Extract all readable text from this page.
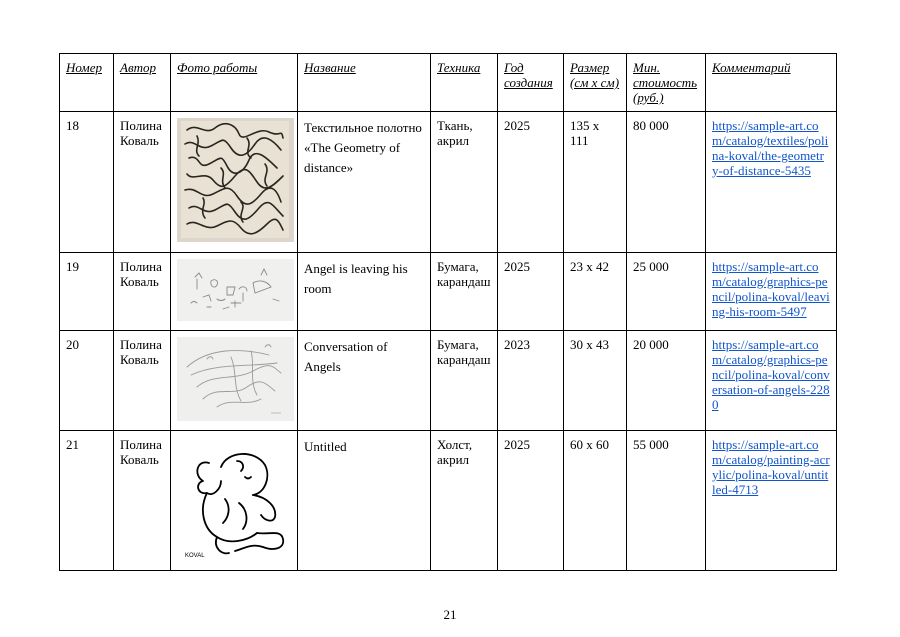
Номер	Автор	Фото работы	Название	Техника	Год создания	Размер (см х см)	Мин. стоимость (руб.)	Комментарий
18	Полина Коваль		Текстильное полотно «The Geometry of distance»	Ткань, акрил	2025	135 x 111	80 000	https://sample-art.com/catalog/textiles/polina-koval/the-geometry-of-distance-5435
19	Полина Коваль		Angel is leaving his room	Бумага, карандаш	2025	23 x 42	25 000	https://sample-art.com/catalog/graphics-pencil/polina-koval/leaving-his-room-5497
20	Полина Коваль		Conversation of Angels	Бумага, карандаш	2023	30 x 43	20 000	https://sample-art.com/catalog/graphics-pencil/polina-koval/conversation-of-angels-2280
21	Полина Коваль	KOVAL	Untitled	Холст, акрил	2025	60 x 60	55 000	https://sample-art.com/catalog/painting-acrylic/polina-koval/untitled-4713
21
